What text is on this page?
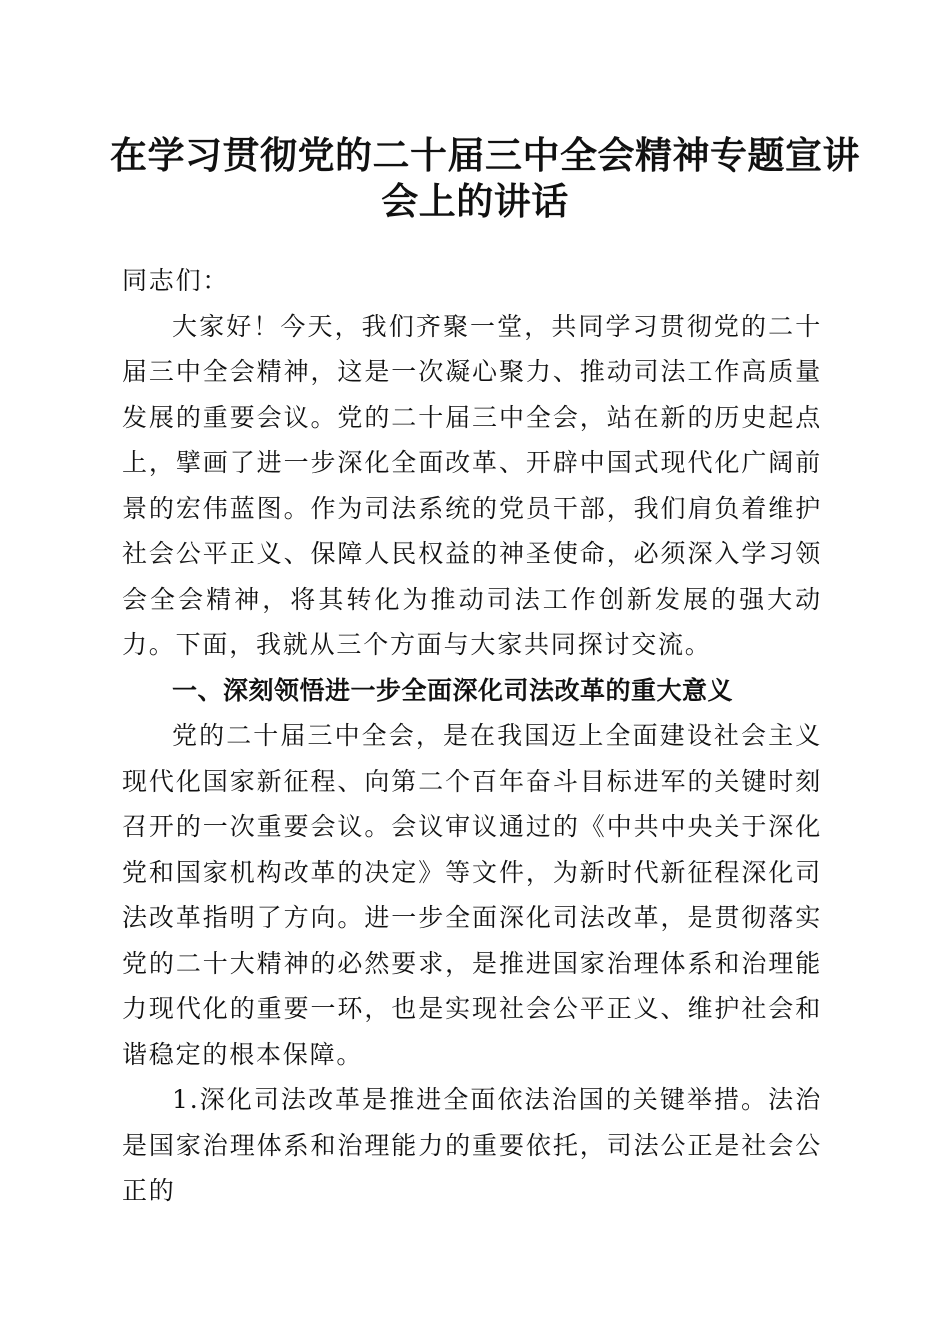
在学习贯彻党的二十届三中全会精神专题宣讲
会上的讲话

同志们：

大家好！今天，我们齐聚一堂，共同学习贯彻党的二十届三中全会精神，这是一次凝心聚力、推动司法工作高质量发展的重要会议。党的二十届三中全会，站在新的历史起点上，擘画了进一步深化全面改革、开辟中国式现代化广阔前景的宏伟蓝图。作为司法系统的党员干部，我们肩负着维护社会公平正义、保障人民权益的神圣使命，必须深入学习领会全会精神，将其转化为推动司法工作创新发展的强大动力。下面，我就从三个方面与大家共同探讨交流。

一、深刻领悟进一步全面深化司法改革的重大意义

党的二十届三中全会，是在我国迈上全面建设社会主义现代化国家新征程、向第二个百年奋斗目标进军的关键时刻召开的一次重要会议。会议审议通过的《中共中央关于深化党和国家机构改革的决定》等文件，为新时代新征程深化司法改革指明了方向。进一步全面深化司法改革，是贯彻落实党的二十大精神的必然要求，是推进国家治理体系和治理能力现代化的重要一环，也是实现社会公平正义、维护社会和谐稳定的根本保障。

1.深化司法改革是推进全面依法治国的关键举措。法治是国家治理体系和治理能力的重要依托，司法公正是社会公正的
